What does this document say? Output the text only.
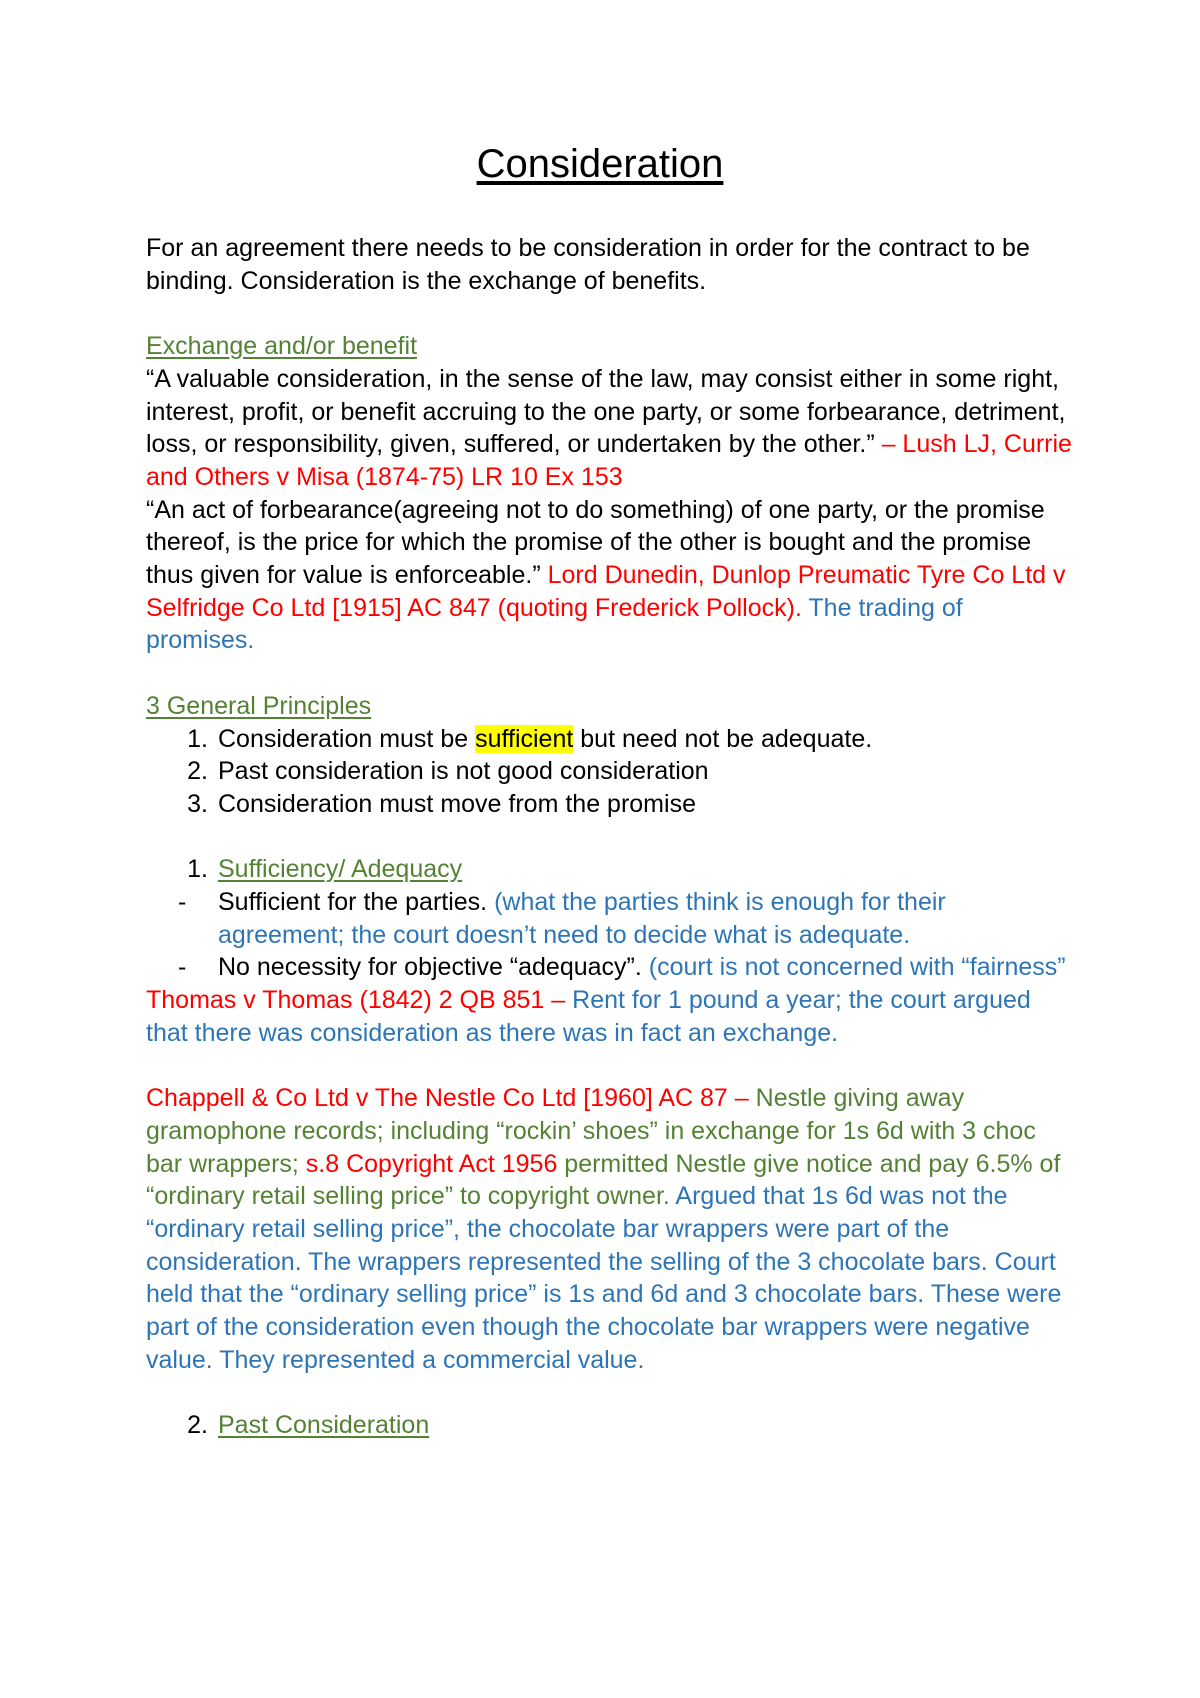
Consideration

For an agreement there needs to be consideration in order for the contract to be binding. Consideration is the exchange of benefits.

Exchange and/or benefit

“A valuable consideration, in the sense of the law, may consist either in some right, interest, profit, or benefit accruing to the one party, or some forbearance, detriment, loss, or responsibility, given, suffered, or undertaken by the other.” – Lush LJ, Currie and Others v Misa (1874-75) LR 10 Ex 153

“An act of forbearance(agreeing not to do something) of one party, or the promise thereof, is the price for which the promise of the other is bought and the promise thus given for value is enforceable.” Lord Dunedin, Dunlop Preumatic Tyre Co Ltd v Selfridge Co Ltd [1915] AC 847 (quoting Frederick Pollock). The trading of promises.

3 General Principles

1. Consideration must be sufficient but need not be adequate.
2. Past consideration is not good consideration
3. Consideration must move from the promise
1. Sufficiency/ Adequacy
-	Sufficient for the parties. (what the parties think is enough for their agreement; the court doesn’t need to decide what is adequate.
-	No necessity for objective “adequacy”. (court is not concerned with “fairness”

Thomas v Thomas (1842) 2 QB 851 – Rent for 1 pound a year; the court argued that there was consideration as there was in fact an exchange.

Chappell & Co Ltd v The Nestle Co Ltd [1960] AC 87 – Nestle giving away gramophone records; including “rockin’ shoes” in exchange for 1s 6d with 3 choc bar wrappers; s.8 Copyright Act 1956 permitted Nestle give notice and pay 6.5% of “ordinary retail selling price” to copyright owner. Argued that 1s 6d was not the “ordinary retail selling price”, the chocolate bar wrappers were part of the consideration. The wrappers represented the selling of the 3 chocolate bars. Court held that the “ordinary selling price” is 1s and 6d and 3 chocolate bars. These were part of the consideration even though the chocolate bar wrappers were negative value. They represented a commercial value.

2. Past Consideration
